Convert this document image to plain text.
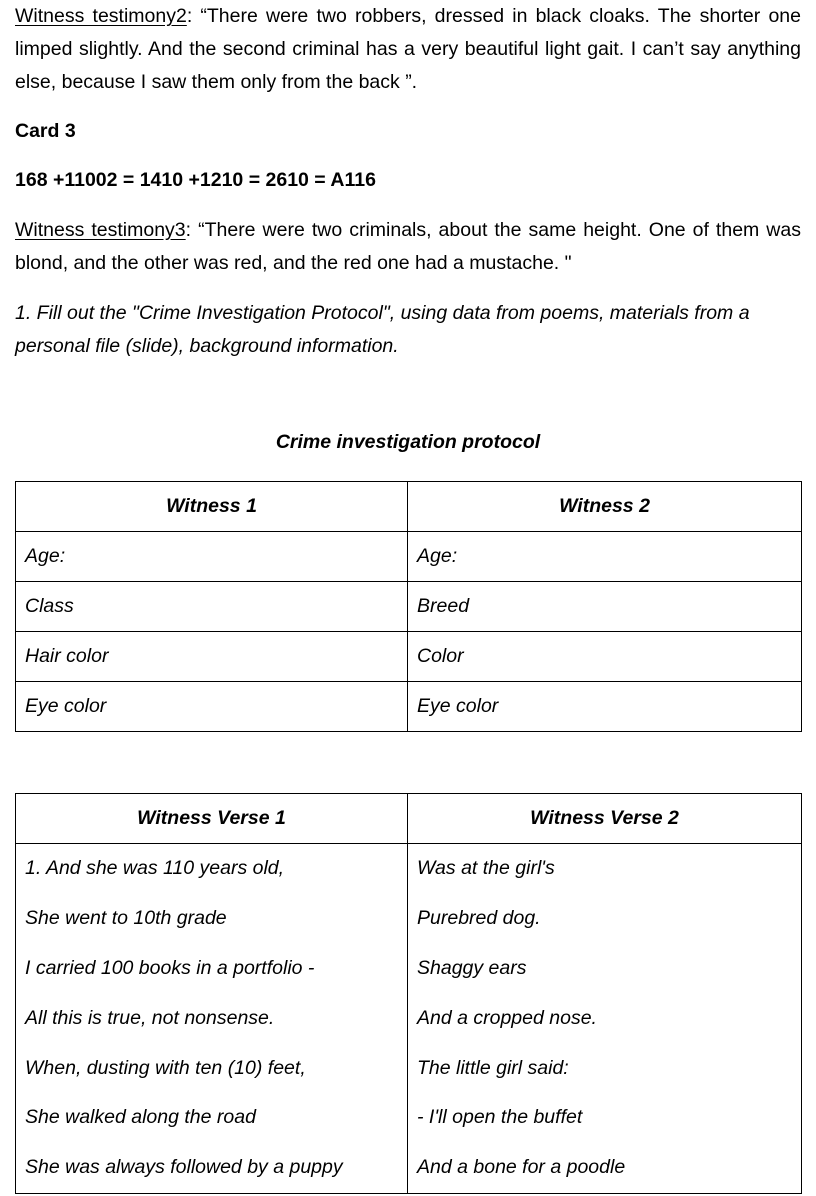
Witness testimony2: “There were two robbers, dressed in black cloaks. The shorter one limped slightly. And the second criminal has a very beautiful light gait. I can’t say anything else, because I saw them only from the back ”.
Card 3
168 +11002 = 1410 +1210 = 2610 = A116
Witness testimony3: “There were two criminals, about the same height. One of them was blond, and the other was red, and the red one had a mustache. "
1. Fill out the "Crime Investigation Protocol", using data from poems, materials from a personal file (slide), background information.
Crime investigation protocol
Witness 1	Witness 2
Age:	Age:
Class	Breed
Hair color	Color
Eye color	Eye color
Witness Verse 1	Witness Verse 2
1. And she was 110 years old,	Was at the girl's
She went to 10th grade	Purebred dog.
I carried 100 books in a portfolio -	Shaggy ears
All this is true, not nonsense.	And a cropped nose.
When, dusting with ten (10) feet,	The little girl said:
She walked along the road	- I'll open the buffet
She was always followed by a puppy	And a bone for a poodle
